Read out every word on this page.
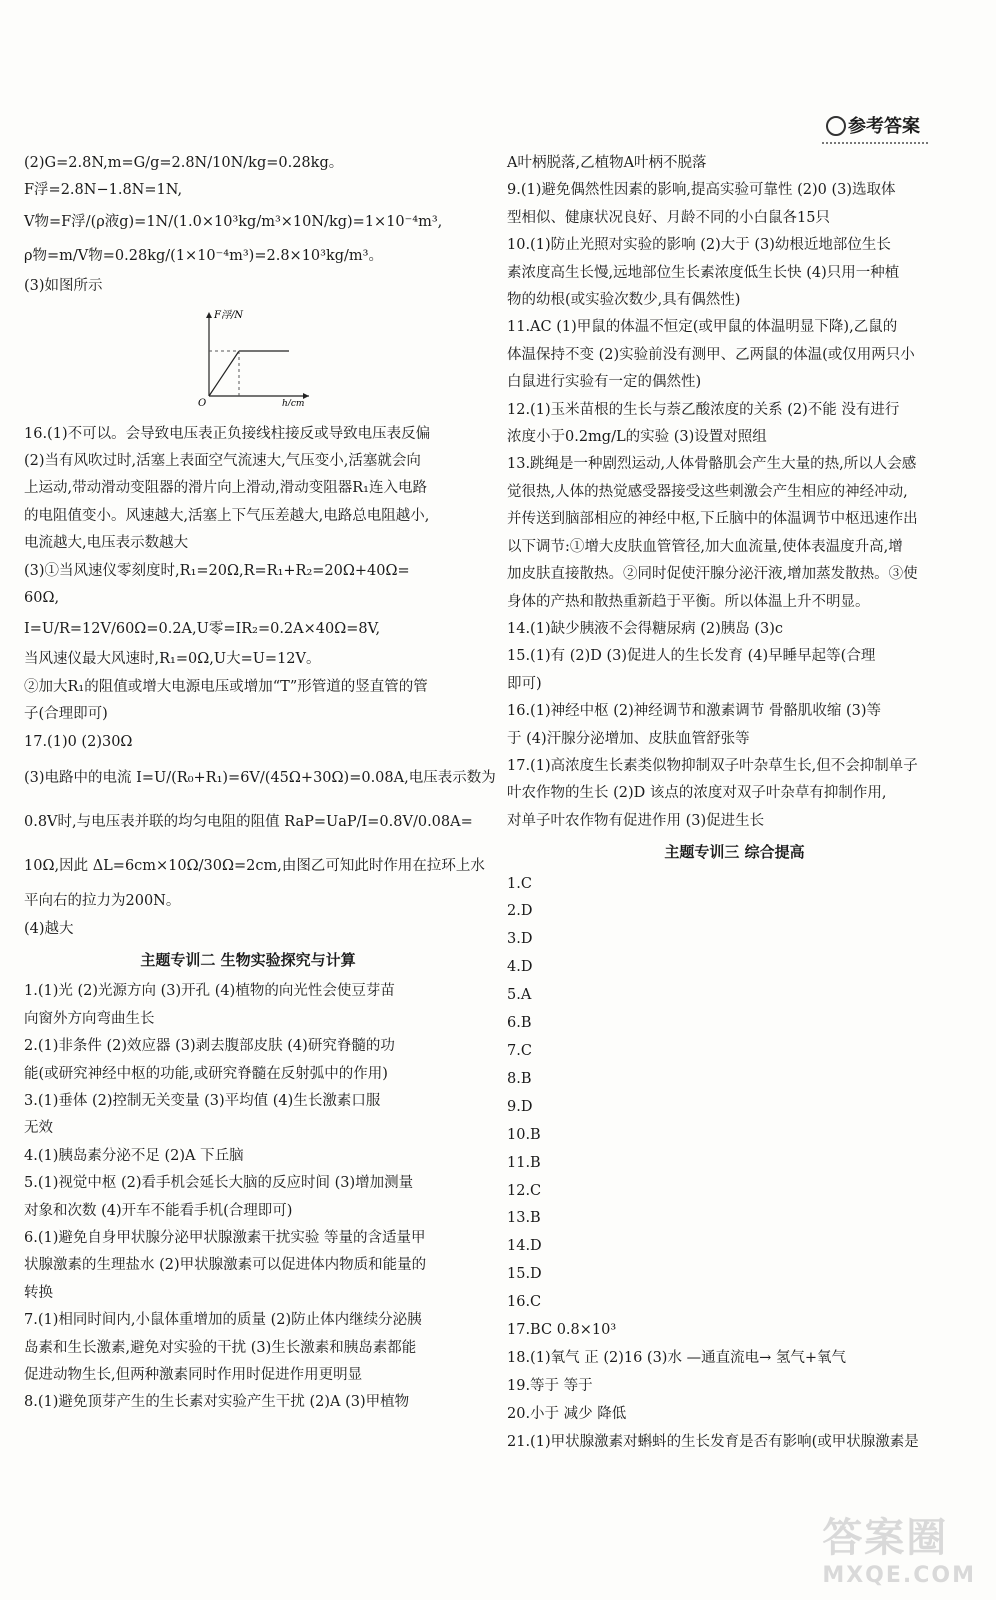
参考答案
(2)G=2.8N,m=G/g=2.8N/10N/kg=0.28kg。
F浮=2.8N−1.8N=1N,
V物=F浮/(ρ液g)=1N/(1.0×10³kg/m³×10N/kg)=1×10⁻⁴m³,
ρ物=m/V物=0.28kg/(1×10⁻⁴m³)=2.8×10³kg/m³。
(3)如图所示
F浮/N
O	h/cm
16.(1)不可以。会导致电压表正负接线柱接反或导致电压表反偏
(2)当有风吹过时,活塞上表面空气流速大,气压变小,活塞就会向
上运动,带动滑动变阻器的滑片向上滑动,滑动变阻器R₁连入电路
的电阻值变小。风速越大,活塞上下气压差越大,电路总电阻越小,
电流越大,电压表示数越大
(3)①当风速仪零刻度时,R₁=20Ω,R=R₁+R₂=20Ω+40Ω=
60Ω,
I=U/R=12V/60Ω=0.2A,U零=IR₂=0.2A×40Ω=8V,
当风速仪最大风速时,R₁=0Ω,U大=U=12V。
②加大R₁的阻值或增大电源电压或增加“T”形管道的竖直管的管
子(合理即可)
17.(1)0 (2)30Ω
(3)电路中的电流 I=U/(R₀+R₁)=6V/(45Ω+30Ω)=0.08A,电压表示数为
0.8V时,与电压表并联的均匀电阻的阻值 RaP=UaP/I=0.8V/0.08A=
10Ω,因此 ΔL=6cm×10Ω/30Ω=2cm,由图乙可知此时作用在拉环上水
平向右的拉力为200N。
(4)越大
主题专训二 生物实验探究与计算
1.(1)光 (2)光源方向 (3)开孔 (4)植物的向光性会使豆芽苗
向窗外方向弯曲生长
2.(1)非条件 (2)效应器 (3)剥去腹部皮肤 (4)研究脊髓的功
能(或研究神经中枢的功能,或研究脊髓在反射弧中的作用)
3.(1)垂体 (2)控制无关变量 (3)平均值 (4)生长激素口服
无效
4.(1)胰岛素分泌不足 (2)A 下丘脑
5.(1)视觉中枢 (2)看手机会延长大脑的反应时间 (3)增加测量
对象和次数 (4)开车不能看手机(合理即可)
6.(1)避免自身甲状腺分泌甲状腺激素干扰实验 等量的含适量甲
状腺激素的生理盐水 (2)甲状腺激素可以促进体内物质和能量的
转换
7.(1)相同时间内,小鼠体重增加的质量 (2)防止体内继续分泌胰
岛素和生长激素,避免对实验的干扰 (3)生长激素和胰岛素都能
促进动物生长,但两种激素同时作用时促进作用更明显
8.(1)避免顶芽产生的生长素对实验产生干扰 (2)A (3)甲植物
A叶柄脱落,乙植物A叶柄不脱落
9.(1)避免偶然性因素的影响,提高实验可靠性 (2)0 (3)选取体
型相似、健康状况良好、月龄不同的小白鼠各15只
10.(1)防止光照对实验的影响 (2)大于 (3)幼根近地部位生长
素浓度高生长慢,远地部位生长素浓度低生长快 (4)只用一种植
物的幼根(或实验次数少,具有偶然性)
11.AC (1)甲鼠的体温不恒定(或甲鼠的体温明显下降),乙鼠的
体温保持不变 (2)实验前没有测甲、乙两鼠的体温(或仅用两只小
白鼠进行实验有一定的偶然性)
12.(1)玉米苗根的生长与萘乙酸浓度的关系 (2)不能 没有进行
浓度小于0.2mg/L的实验 (3)设置对照组
13.跳绳是一种剧烈运动,人体骨骼肌会产生大量的热,所以人会感
觉很热,人体的热觉感受器接受这些刺激会产生相应的神经冲动,
并传送到脑部相应的神经中枢,下丘脑中的体温调节中枢迅速作出
以下调节:①增大皮肤血管管径,加大血流量,使体表温度升高,增
加皮肤直接散热。②同时促使汗腺分泌汗液,增加蒸发散热。③使
身体的产热和散热重新趋于平衡。所以体温上升不明显。
14.(1)缺少胰液不会得糖尿病 (2)胰岛 (3)c
15.(1)有 (2)D (3)促进人的生长发育 (4)早睡早起等(合理
即可)
16.(1)神经中枢 (2)神经调节和激素调节 骨骼肌收缩 (3)等
于 (4)汗腺分泌增加、皮肤血管舒张等
17.(1)高浓度生长素类似物抑制双子叶杂草生长,但不会抑制单子
叶农作物的生长 (2)D 该点的浓度对双子叶杂草有抑制作用,
对单子叶农作物有促进作用 (3)促进生长
主题专训三 综合提高
1.C
2.D
3.D
4.D
5.A
6.B
7.C
8.B
9.D
10.B
11.B
12.C
13.B
14.D
15.D
16.C
17.BC 0.8×10³
18.(1)氧气 正 (2)16 (3)水 —通直流电→ 氢气+氧气
19.等于 等于
20.小于 减少 降低
21.(1)甲状腺激素对蝌蚪的生长发育是否有影响(或甲状腺激素是
答案圈
MXQE.COM
